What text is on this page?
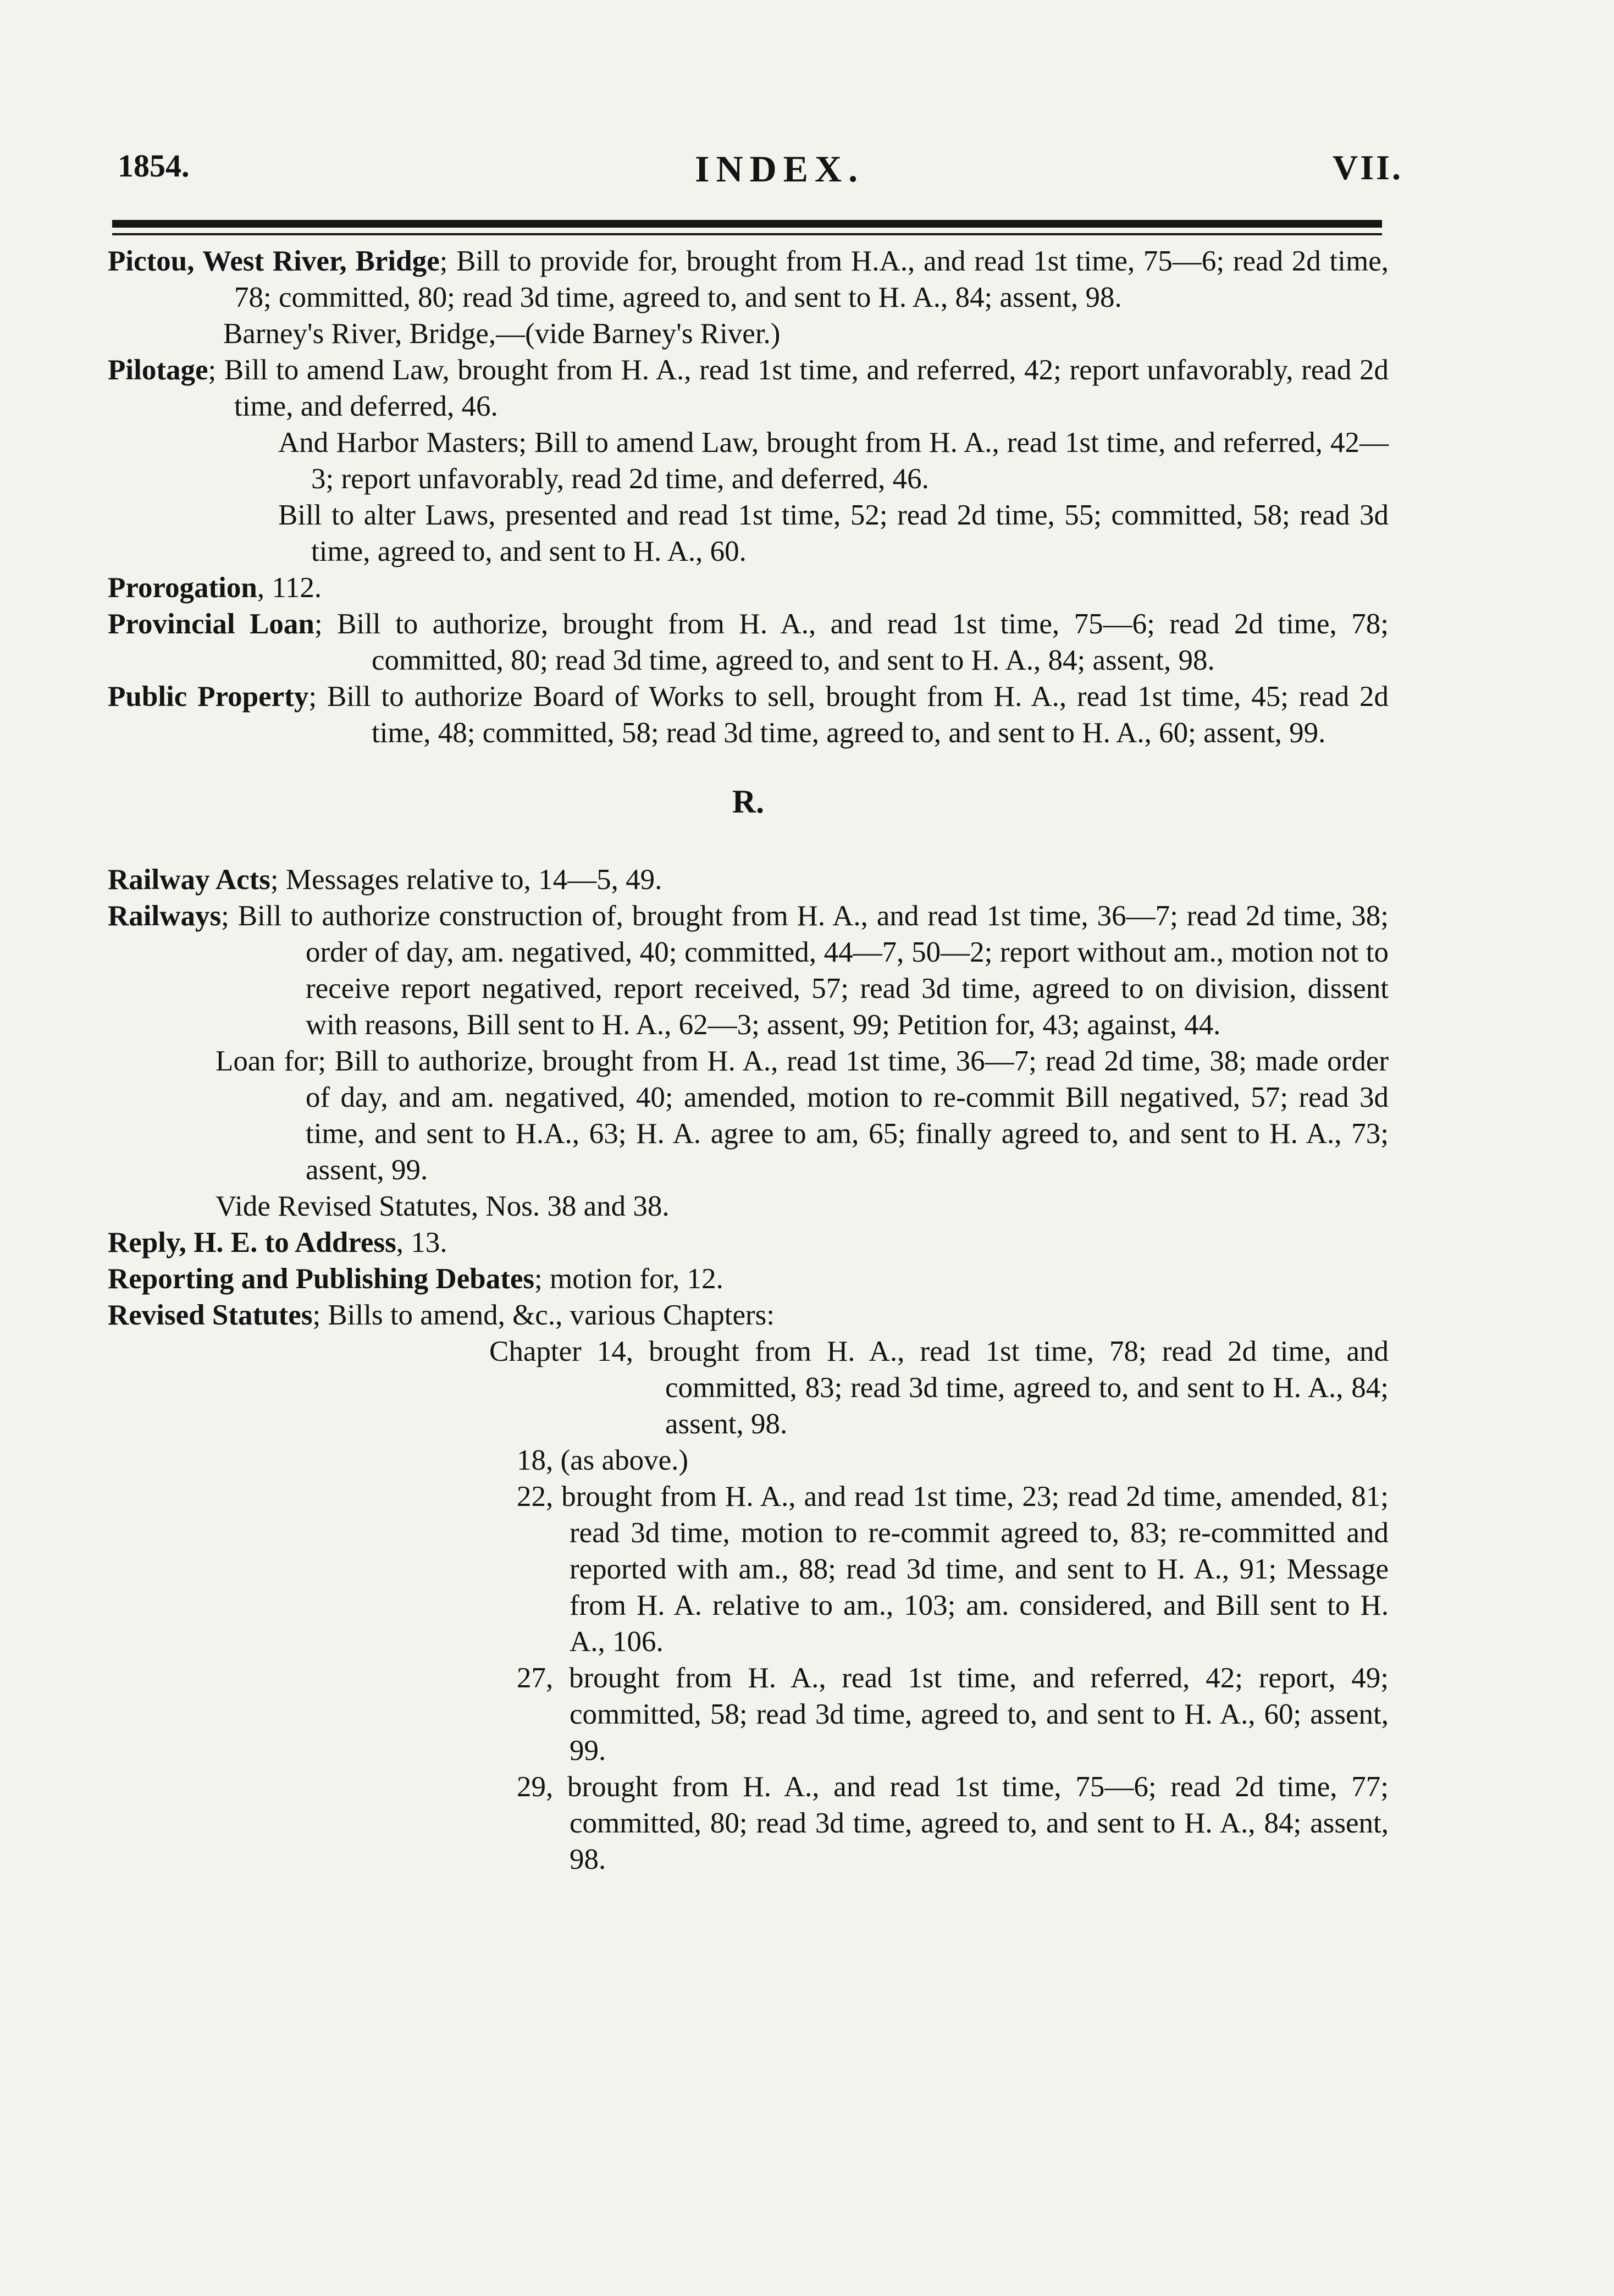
1854.	INDEX.	VII.

Pictou, West River, Bridge; Bill to provide for, brought from H.A., and read 1st time, 75—6; read 2d time, 78; committed, 80; read 3d time, agreed to, and sent to H. A., 84; assent, 98.

Barney's River, Bridge,—(vide Barney's River.)

Pilotage; Bill to amend Law, brought from H. A., read 1st time, and referred, 42; report unfavorably, read 2d time, and deferred, 46.

And Harbor Masters; Bill to amend Law, brought from H. A., read 1st time, and referred, 42—3; report unfavorably, read 2d time, and deferred, 46.

Bill to alter Laws, presented and read 1st time, 52; read 2d time, 55; committed, 58; read 3d time, agreed to, and sent to H. A., 60.

Prorogation, 112.

Provincial Loan; Bill to authorize, brought from H. A., and read 1st time, 75—6; read 2d time, 78; committed, 80; read 3d time, agreed to, and sent to H. A., 84; assent, 98.

Public Property; Bill to authorize Board of Works to sell, brought from H. A., read 1st time, 45; read 2d time, 48; committed, 58; read 3d time, agreed to, and sent to H. A., 60; assent, 99.

R.

Railway Acts; Messages relative to, 14—5, 49.

Railways; Bill to authorize construction of, brought from H. A., and read 1st time, 36—7; read 2d time, 38; order of day, am. negatived, 40; committed, 44—7, 50—2; report without am., motion not to receive report negatived, report received, 57; read 3d time, agreed to on division, dissent with reasons, Bill sent to H. A., 62—3; assent, 99; Petition for, 43; against, 44.

Loan for; Bill to authorize, brought from H. A., read 1st time, 36—7; read 2d time, 38; made order of day, and am. negatived, 40; amended, motion to re-commit Bill negatived, 57; read 3d time, and sent to H.A., 63; H. A. agree to am, 65; finally agreed to, and sent to H. A., 73; assent, 99.

Vide Revised Statutes, Nos. 38 and 38.

Reply, H. E. to Address, 13.

Reporting and Publishing Debates; motion for, 12.

Revised Statutes; Bills to amend, &c., various Chapters:

Chapter 14, brought from H. A., read 1st time, 78; read 2d time, and committed, 83; read 3d time, agreed to, and sent to H. A., 84; assent, 98.

18, (as above.)

22, brought from H. A., and read 1st time, 23; read 2d time, amended, 81; read 3d time, motion to re-commit agreed to, 83; re-committed and reported with am., 88; read 3d time, and sent to H. A., 91; Message from H. A. relative to am., 103; am. considered, and Bill sent to H. A., 106.

27, brought from H. A., read 1st time, and referred, 42; report, 49; committed, 58; read 3d time, agreed to, and sent to H. A., 60; assent, 99.

29, brought from H. A., and read 1st time, 75—6; read 2d time, 77; committed, 80; read 3d time, agreed to, and sent to H. A., 84; assent, 98.
